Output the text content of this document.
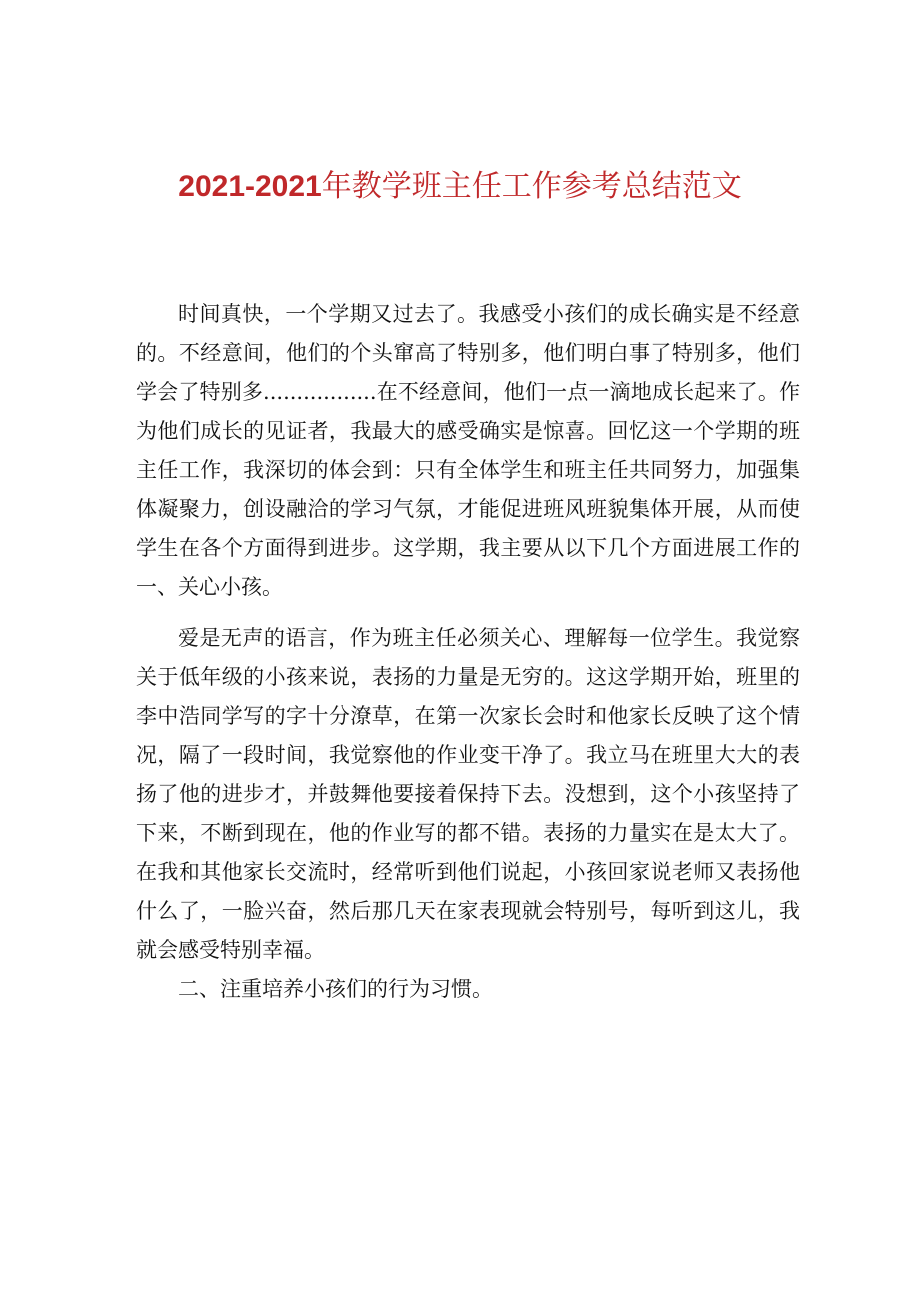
2021-2021年教学班主任工作参考总结范文

时间真快，一个学期又过去了。我感受小孩们的成长确实是不经意的。不经意间，他们的个头窜高了特别多，他们明白事了特别多，他们学会了特别多.................在不经意间，他们一点一滴地成长起来了。作为他们成长的见证者，我最大的感受确实是惊喜。回忆这一个学期的班主任工作，我深切的体会到：只有全体学生和班主任共同努力，加强集体凝聚力，创设融洽的学习气氛，才能促进班风班貌集体开展，从而使学生在各个方面得到进步。这学期，我主要从以下几个方面进展工作的一、关心小孩。

爱是无声的语言，作为班主任必须关心、理解每一位学生。我觉察关于低年级的小孩来说，表扬的力量是无穷的。这这学期开始，班里的李中浩同学写的字十分潦草，在第一次家长会时和他家长反映了这个情况，隔了一段时间，我觉察他的作业变干净了。我立马在班里大大的表扬了他的进步才，并鼓舞他要接着保持下去。没想到，这个小孩坚持了下来，不断到现在，他的作业写的都不错。表扬的力量实在是太大了。在我和其他家长交流时，经常听到他们说起，小孩回家说老师又表扬他什么了，一脸兴奋，然后那几天在家表现就会特别号，每听到这儿，我就会感受特别幸福。

二、注重培养小孩们的行为习惯。
